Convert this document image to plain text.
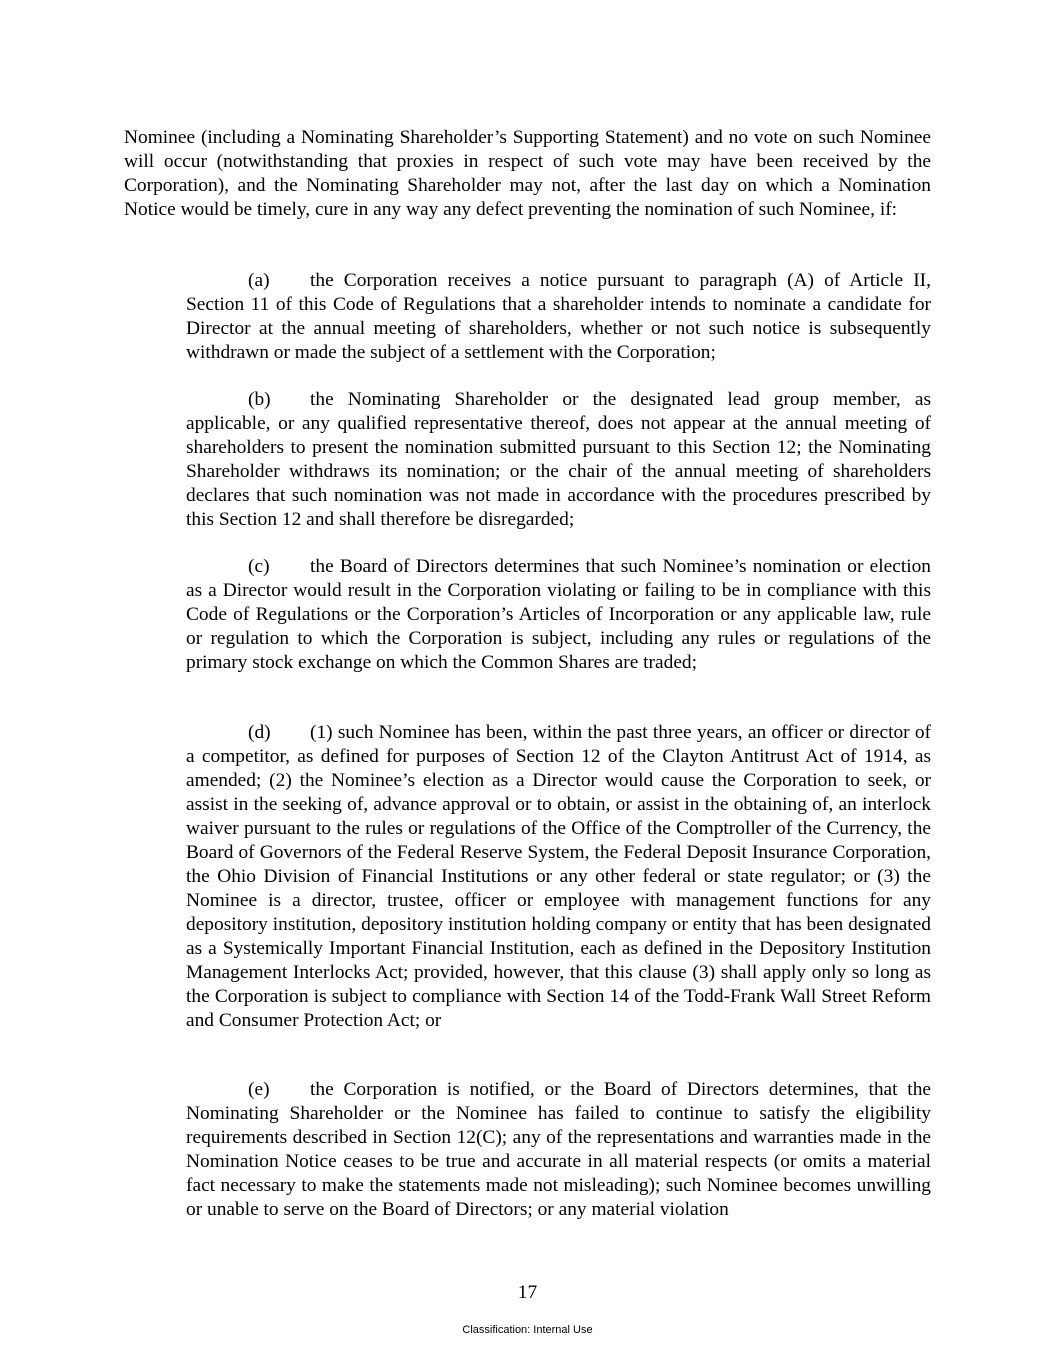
Nominee (including a Nominating Shareholder’s Supporting Statement) and no vote on such Nominee will occur (notwithstanding that proxies in respect of such vote may have been received by the Corporation), and the Nominating Shareholder may not, after the last day on which a Nomination Notice would be timely, cure in any way any defect preventing the nomination of such Nominee, if:

(a) the Corporation receives a notice pursuant to paragraph (A) of Article II, Section 11 of this Code of Regulations that a shareholder intends to nominate a candidate for Director at the annual meeting of shareholders, whether or not such notice is subsequently withdrawn or made the subject of a settlement with the Corporation;

(b) the Nominating Shareholder or the designated lead group member, as applicable, or any qualified representative thereof, does not appear at the annual meeting of shareholders to present the nomination submitted pursuant to this Section 12; the Nominating Shareholder withdraws its nomination; or the chair of the annual meeting of shareholders declares that such nomination was not made in accordance with the procedures prescribed by this Section 12 and shall therefore be disregarded;

(c) the Board of Directors determines that such Nominee’s nomination or election as a Director would result in the Corporation violating or failing to be in compliance with this Code of Regulations or the Corporation’s Articles of Incorporation or any applicable law, rule or regulation to which the Corporation is subject, including any rules or regulations of the primary stock exchange on which the Common Shares are traded;

(d) (1) such Nominee has been, within the past three years, an officer or director of a competitor, as defined for purposes of Section 12 of the Clayton Antitrust Act of 1914, as amended; (2) the Nominee’s election as a Director would cause the Corporation to seek, or assist in the seeking of, advance approval or to obtain, or assist in the obtaining of, an interlock waiver pursuant to the rules or regulations of the Office of the Comptroller of the Currency, the Board of Governors of the Federal Reserve System, the Federal Deposit Insurance Corporation, the Ohio Division of Financial Institutions or any other federal or state regulator; or (3) the Nominee is a director, trustee, officer or employee with management functions for any depository institution, depository institution holding company or entity that has been designated as a Systemically Important Financial Institution, each as defined in the Depository Institution Management Interlocks Act; provided, however, that this clause (3) shall apply only so long as the Corporation is subject to compliance with Section 14 of the Todd-Frank Wall Street Reform and Consumer Protection Act; or

(e) the Corporation is notified, or the Board of Directors determines, that the Nominating Shareholder or the Nominee has failed to continue to satisfy the eligibility requirements described in Section 12(C); any of the representations and warranties made in the Nomination Notice ceases to be true and accurate in all material respects (or omits a material fact necessary to make the statements made not misleading); such Nominee becomes unwilling or unable to serve on the Board of Directors; or any material violation

17
Classification: Internal Use
